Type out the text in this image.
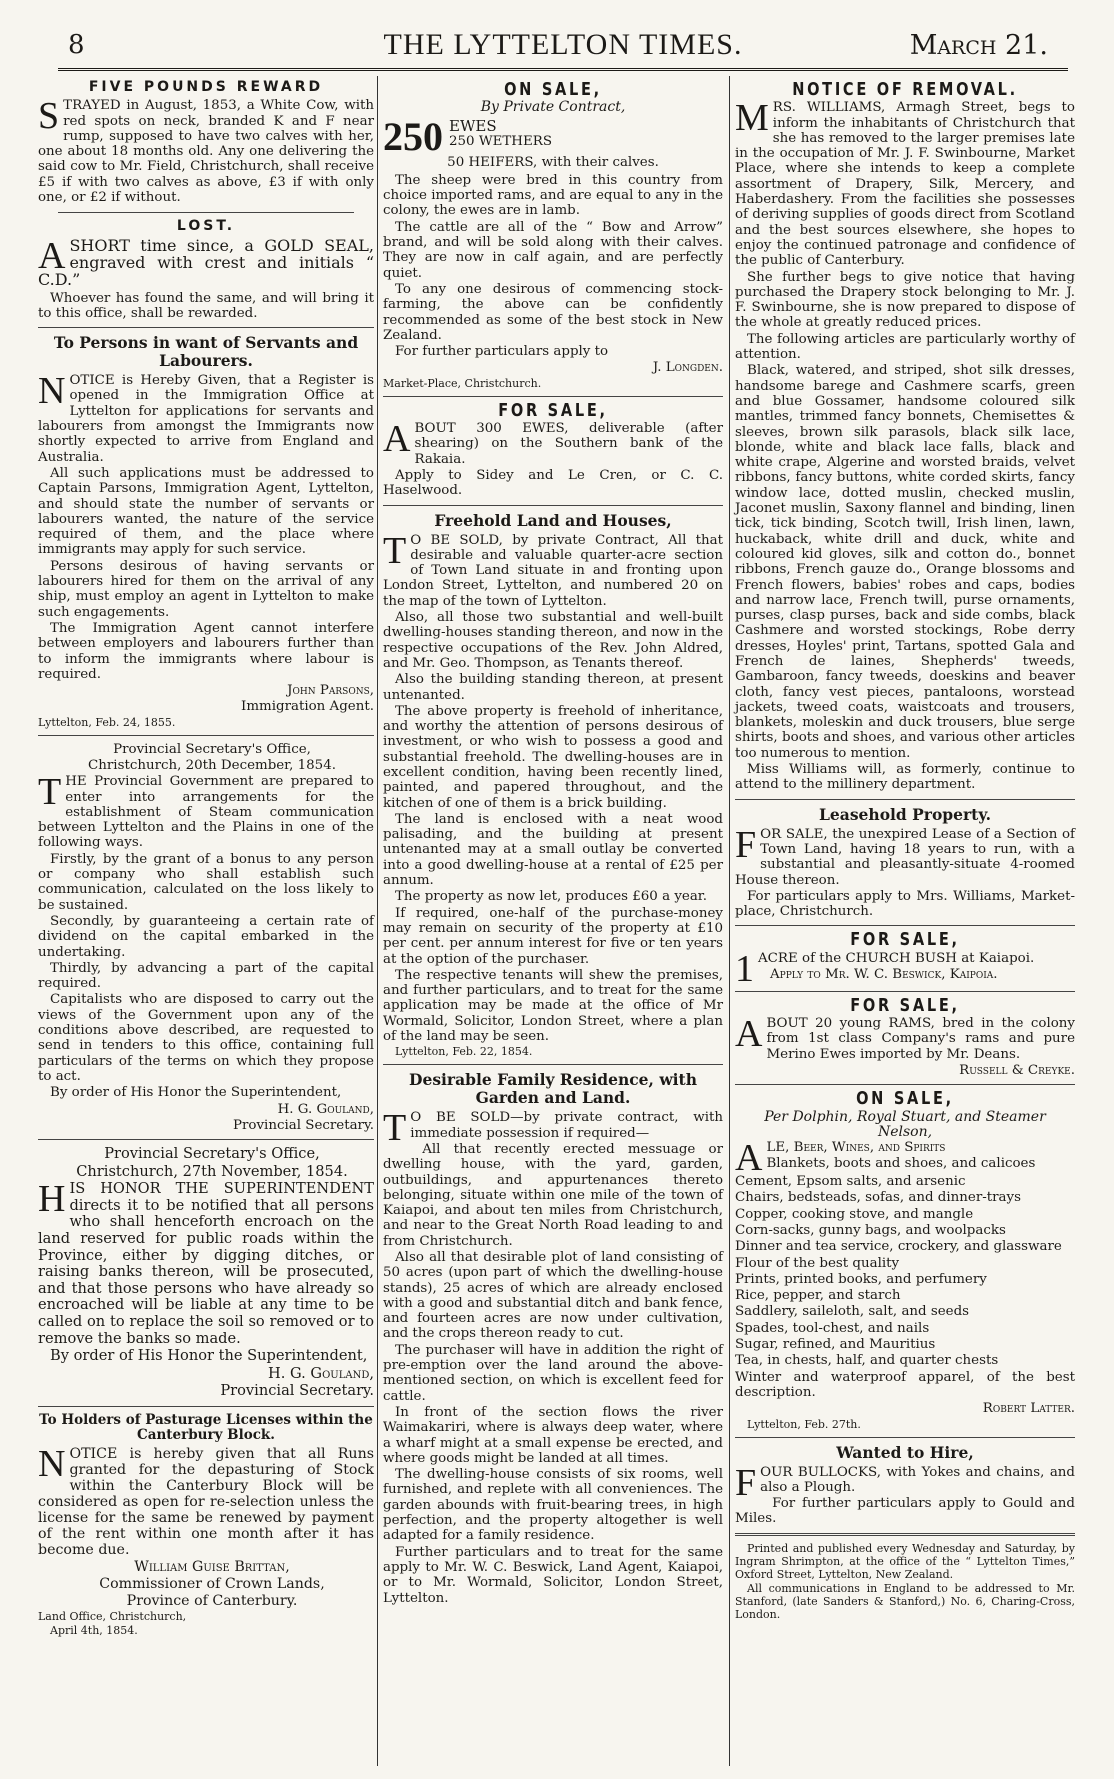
8	THE LYTTELTON TIMES.	March 21.
FIVE POUNDS REWARD

STRAYED in August, 1853, a White Cow, with red spots on neck, branded K and F near rump, supposed to have two calves with her, one about 18 months old. Any one delivering the said cow to Mr. Field, Christchurch, shall receive £5 if with two calves as above, £3 if with only one, or £2 if without.

LOST.

ASHORT time since, a GOLD SEAL, engraved with crest and initials “ C.D.”

Whoever has found the same, and will bring it to this office, shall be rewarded.

To Persons in want of Servants and Labourers.

NOTICE is Hereby Given, that a Register is opened in the Immigration Office at Lyttelton for applications for servants and labourers from amongst the Immigrants now shortly expected to arrive from England and Australia.

All such applications must be addressed to Captain Parsons, Immigration Agent, Lyttelton, and should state the number of servants or labourers wanted, the nature of the service required of them, and the place where immigrants may apply for such service.

Persons desirous of having servants or labourers hired for them on the arrival of any ship, must employ an agent in Lyttelton to make such engagements.

The Immigration Agent cannot interfere between employers and labourers further than to inform the immigrants where labour is required.

John Parsons,

Immigration Agent.

Lyttelton, Feb. 24, 1855.

Provincial Secretary's Office,

Christchurch, 20th December, 1854.

THE Provincial Government are prepared to enter into arrangements for the establishment of Steam communication between Lyttelton and the Plains in one of the following ways.

Firstly, by the grant of a bonus to any person or company who shall establish such communication, calculated on the loss likely to be sustained.

Secondly, by guaranteeing a certain rate of dividend on the capital embarked in the undertaking.

Thirdly, by advancing a part of the capital required.

Capitalists who are disposed to carry out the views of the Government upon any of the conditions above described, are requested to send in tenders to this office, containing full particulars of the terms on which they propose to act.

By order of His Honor the Superintendent,

H. G. Gouland,

Provincial Secretary.

Provincial Secretary's Office,

Christchurch, 27th November, 1854.

HIS HONOR THE SUPERINTENDENT directs it to be notified that all persons who shall henceforth encroach on the land reserved for public roads within the Province, either by digging ditches, or raising banks thereon, will be prosecuted, and that those persons who have already so encroached will be liable at any time to be called on to replace the soil so removed or to remove the banks so made.

By order of His Honor the Superintendent,

H. G. Gouland,

Provincial Secretary.

To Holders of Pasturage Licenses within the Canterbury Block.

NOTICE is hereby given that all Runs granted for the depasturing of Stock within the Canterbury Block will be considered as open for re-selection unless the license for the same be renewed by payment of the rent within one month after it has become due.

William Guise Brittan,

Commissioner of Crown Lands,

Province of Canterbury.

Land Office, Christchurch,

April 4th, 1854.

ON SALE,
By Private Contract,
250 EWES
250 WETHERS
50 HEIFERS, with their calves.

The sheep were bred in this country from choice imported rams, and are equal to any in the colony, the ewes are in lamb.

The cattle are all of the “ Bow and Arrow” brand, and will be sold along with their calves. They are now in calf again, and are perfectly quiet.

To any one desirous of commencing stock-farming, the above can be confidently recommended as some of the best stock in New Zealand.

For further particulars apply to

J. Longden.

Market-Place, Christchurch.

FOR SALE,

ABOUT 300 EWES, deliverable (after shearing) on the Southern bank of the Rakaia.

Apply to Sidey and Le Cren, or C. C. Haselwood.

Freehold Land and Houses,

T O BE SOLD, by private Contract, All that desirable and valuable quarter-acre section of Town Land situate in and fronting upon London Street, Lyttelton, and numbered 20 on the map of the town of Lyttelton.

Also, all those two substantial and well-built dwelling-houses standing thereon, and now in the respective occupations of the Rev. John Aldred, and Mr. Geo. Thompson, as Tenants thereof.

Also the building standing thereon, at present untenanted.

The above property is freehold of inheritance, and worthy the attention of persons desirous of investment, or who wish to possess a good and substantial freehold. The dwelling-houses are in excellent condition, having been recently lined, painted, and papered throughout, and the kitchen of one of them is a brick building.

The land is enclosed with a neat wood palisading, and the building at present untenanted may at a small outlay be converted into a good dwelling-house at a rental of £25 per annum.

The property as now let, produces £60 a year.

If required, one-half of the purchase-money may remain on security of the property at £10 per cent. per annum interest for five or ten years at the option of the purchaser.

The respective tenants will shew the premises, and further particulars, and to treat for the same application may be made at the office of Mr Wormald, Solicitor, London Street, where a plan of the land may be seen.

Lyttelton, Feb. 22, 1854.

Desirable Family Residence, with Garden and Land.

T O BE SOLD—by private contract, with immediate possession if required—

All that recently erected messuage or dwelling house, with the yard, garden, outbuildings, and appurtenances thereto belonging, situate within one mile of the town of Kaiapoi, and about ten miles from Christchurch, and near to the Great North Road leading to and from Christchurch.

Also all that desirable plot of land consisting of 50 acres (upon part of which the dwelling-house stands), 25 acres of which are already enclosed with a good and substantial ditch and bank fence, and fourteen acres are now under cultivation, and the crops thereon ready to cut.

The purchaser will have in addition the right of pre-emption over the land around the above-mentioned section, on which is excellent feed for cattle.

In front of the section flows the river Waimakariri, where is always deep water, where a wharf might at a small expense be erected, and where goods might be landed at all times.

The dwelling-house consists of six rooms, well furnished, and replete with all conveniences. The garden abounds with fruit-bearing trees, in high perfection, and the property altogether is well adapted for a family residence.

Further particulars and to treat for the same apply to Mr. W. C. Beswick, Land Agent, Kaiapoi, or to Mr. Wormald, Solicitor, London Street, Lyttelton.

NOTICE OF REMOVAL.

MRS. WILLIAMS, Armagh Street, begs to inform the inhabitants of Christchurch that she has removed to the larger premises late in the occupation of Mr. J. F. Swinbourne, Market Place, where she intends to keep a complete assortment of Drapery, Silk, Mercery, and Haberdashery. From the facilities she possesses of deriving supplies of goods direct from Scotland and the best sources elsewhere, she hopes to enjoy the continued patronage and confidence of the public of Canterbury.

She further begs to give notice that having purchased the Drapery stock belonging to Mr. J. F. Swinbourne, she is now prepared to dispose of the whole at greatly reduced prices.

The following articles are particularly worthy of attention.

Black, watered, and striped, shot silk dresses, handsome barege and Cashmere scarfs, green and blue Gossamer, handsome coloured silk mantles, trimmed fancy bonnets, Chemisettes & sleeves, brown silk parasols, black silk lace, blonde, white and black lace falls, black and white crape, Algerine and worsted braids, velvet ribbons, fancy buttons, white corded skirts, fancy window lace, dotted muslin, checked muslin, Jaconet muslin, Saxony flannel and binding, linen tick, tick binding, Scotch twill, Irish linen, lawn, huckaback, white drill and duck, white and coloured kid gloves, silk and cotton do., bonnet ribbons, French gauze do., Orange blossoms and French flowers, babies' robes and caps, bodies and narrow lace, French twill, purse ornaments, purses, clasp purses, back and side combs, black Cashmere and worsted stockings, Robe derry dresses, Hoyles' print, Tartans, spotted Gala and French de laines, Shepherds' tweeds, Gambaroon, fancy tweeds, doeskins and beaver cloth, fancy vest pieces, pantaloons, worstead jackets, tweed coats, waistcoats and trousers, blankets, moleskin and duck trousers, blue serge shirts, boots and shoes, and various other articles too numerous to mention.

Miss Williams will, as formerly, continue to attend to the millinery department.

Leasehold Property.

FOR SALE, the unexpired Lease of a Section of Town Land, having 18 years to run, with a substantial and pleasantly-situate 4-roomed House thereon.

For particulars apply to Mrs. Williams, Market-place, Christchurch.

FOR SALE,

1 ACRE of the CHURCH BUSH at Kaiapoi.

Apply to Mr. W. C. Beswick, Kaipoia.

FOR SALE,

ABOUT 20 young RAMS, bred in the colony from 1st class Company's rams and pure Merino Ewes imported by Mr. Deans.

Russell & Creyke.

ON SALE,
Per Dolphin, Royal Stuart, and Steamer Nelson,

ALE, Beer, Wines, and Spirits

Blankets, boots and shoes, and calicoes

Cement, Epsom salts, and arsenic

Chairs, bedsteads, sofas, and dinner-trays

Copper, cooking stove, and mangle

Corn-sacks, gunny bags, and woolpacks

Dinner and tea service, crockery, and glassware

Flour of the best quality

Prints, printed books, and perfumery

Rice, pepper, and starch

Saddlery, saileloth, salt, and seeds

Spades, tool-chest, and nails

Sugar, refined, and Mauritius

Tea, in chests, half, and quarter chests

Winter and waterproof apparel, of the best description.

Robert Latter.

Lyttelton, Feb. 27th.

Wanted to Hire,

FOUR BULLOCKS, with Yokes and chains, and also a Plough.

For further particulars apply to Gould and Miles.

Printed and published every Wednesday and Saturday, by Ingram Shrimpton, at the office of the “ Lyttelton Times,” Oxford Street, Lyttelton, New Zealand.

All communications in England to be addressed to Mr. Stanford, (late Sanders & Stanford,) No. 6, Charing-Cross, London.
